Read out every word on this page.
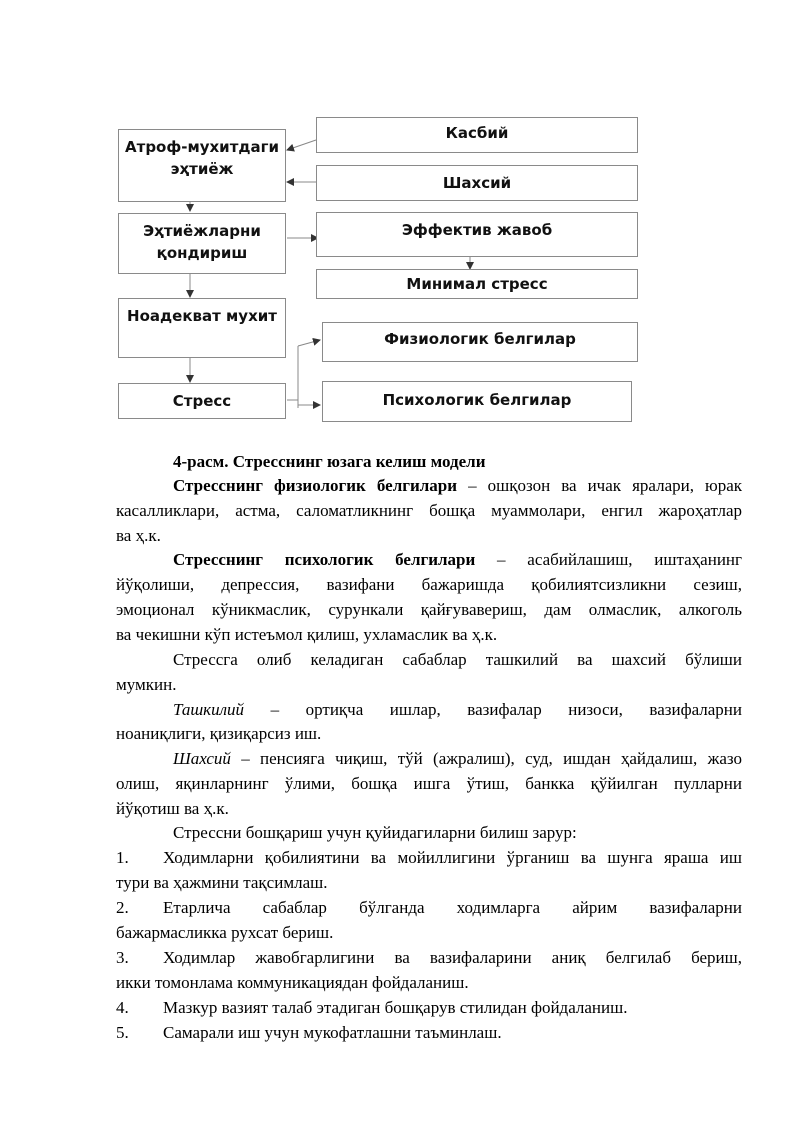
Атроф-мухитдаги эҳтиёж
Эҳтиёжларни қондириш
Ноадекват мухит
Стресс
Касбий
Шахсий
Эффектив жавоб
Минимал стресс
Физиологик белгилар
Психологик белгилар
4-расм. Стресснинг юзага келиш модели
Стресснинг физиологик белгилари – ошқозон ва ичак яралари, юрак
касалликлари, астма, саломатликнинг бошқа муаммолари, енгил жароҳатлар
ва ҳ.к.
Стресснинг психологик белгилари – асабийлашиш, иштаҳанинг
йўқолиши, депрессия, вазифани бажаришда қобилиятсизликни сезиш,
эмоционал кўникмаслик, сурункали қайғувавериш, дам олмаслик, алкоголь
ва чекишни кўп истеъмол қилиш, ухламаслик ва ҳ.к.
Стрессга олиб келадиган сабаблар ташкилий ва шахсий бўлиши
мумкин.
Ташкилий – ортиқча ишлар, вазифалар низоси, вазифаларни
ноаниқлиги, қизиқарсиз иш.
Шахсий – пенсияга чиқиш, тўй (ажралиш), суд, ишдан ҳайдалиш, жазо
олиш, яқинларнинг ўлими, бошқа ишга ўтиш, банкка қўйилган пулларни
йўқотиш ва ҳ.к.
Стрессни бошқариш учун қуйидагиларни билиш зарур:
1. Ходимларни қобилиятини ва мойиллигини ўрганиш ва шунга яраша иш
тури ва ҳажмини тақсимлаш.
2. Етарлича сабаблар бўлганда ходимларга айрим вазифаларни
бажармасликка рухсат бериш.
3. Ходимлар жавобгарлигини ва вазифаларини аниқ белгилаб бериш,
икки томонлама коммуникациядан фойдаланиш.
4. Мазкур вазият талаб этадиган бошқарув стилидан фойдаланиш.
5. Самарали иш учун мукофатлашни таъминлаш.
